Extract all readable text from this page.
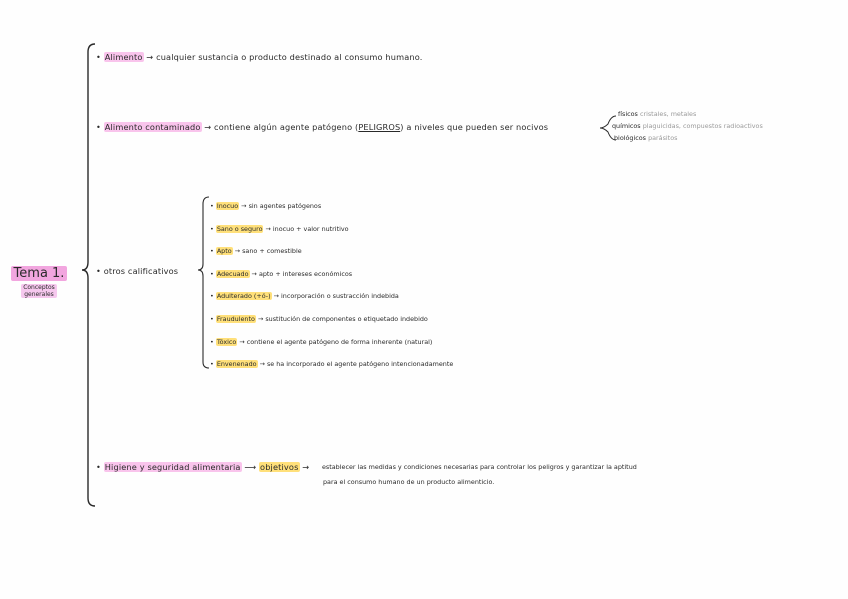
Tema 1.
Conceptos
generales
• Alimento → cualquier sustancia o producto destinado al consumo humano.
• Alimento contaminado → contiene algún agente patógeno (PELIGROS) a niveles que pueden ser nocivos
físicos cristales, metales
químicos plaguicidas, compuestos radioactivos
biológicos parásitos
• otros calificativos
• Inocuo → sin agentes patógenos
• Sano o seguro → inocuo + valor nutritivo
• Apto → sano + comestible
• Adecuado → apto + intereses económicos
• Adulterado (+ó-) → incorporación o sustracción indebida
• Fraudulento → sustitución de componentes o etiquetado indebido
• Tóxico → contiene el agente patógeno de forma inherente (natural)
• Envenenado → se ha incorporado el agente patógeno intencionadamente
• Higiene y seguridad alimentaria ⟶ objetivos → establecer las medidas y condiciones necesarias para controlar los peligros y garantizar la aptitud
para el consumo humano de un producto alimenticio.
